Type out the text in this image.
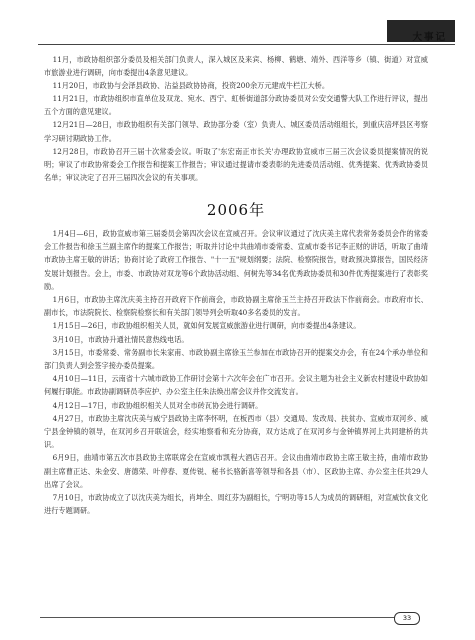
大事记

11月，市政协组织部分委员及相关部门负责人，深入城区及来宾、杨柳、鹤塘、靖外、西洋等乡（镇、街道）对宣威市旅游业进行调研，向市委提出4条意见建议。

11月20日，市政协与会泽县政协、沾益县政协协商，投资200余万元建成牛栏江大桥。

11月21日，市政协组织市直单位及双龙、宛水、西宁、虹桥街道部分政协委员对公安交通警大队工作进行评议，提出五个方面的意见建议。

12月21日—28日，市政协组织有关部门领导、政协部分委（室）负责人、城区委员活动组组长，到重庆涪坪县区考察学习研讨期政协工作。

12月28日，市政协召开三届十次常委会议。听取了'东宏南正市长关'办理政协宣威市三届三次会议委员提案情况的说明；审议了市政协常委会工作报告和提案工作报告；审议通过提请市委表彰的先进委员活动组、优秀提案、优秀政协委员名单；审议决定了召开三届四次会议的有关事项。

2006年

1月4日—6日，政协宣威市第三届委员会第四次会议在宣威召开。会议审议通过了沈庆美主席代表常务委员会作的常委会工作报告和徐玉兰副主席作的提案工作报告；听取并讨论中共曲靖市委常委、宣威市委书记李正财的讲话，听取了曲靖市政协主席王敏的讲话；协商讨论了政府工作报告、"十一五"规划纲要；法院、检察院报告，财政预决算报告，国民经济发展计划报告。会上，市委、市政协对双龙等6个政协活动组、何树先等34名优秀政协委员和30件优秀提案进行了表彰奖励。

1月6日，市政协主席沈庆美主持召开政府下作前商会，市政协副主席徐玉兰主持召开政法下作前商会。市政府市长、副市长，市法院院长、检察院检察长和有关部门领导列会听取40多名委员的发言。

1月15日—26日，市政协组织相关人员，就如何发展宣威旅游业进行调研，向市委提出4条建议。

3月10日，市政协升通社情民意热线电话。

3月15日，市委常委、常务副市长朱家甫、市政协副主席徐玉兰参加在市政协召开的提案交办会，有在24个承办单位和部门负责人到会签字接办委员提案。

4月10日—11日，云南省十六城市政协工作研讨会第十六次年会在广市召开。会议主题为社会主义新农村建设中政协如何履行职能。市政协副调研员李应护、办公室主任朱法焕出席会议并作交流发言。

4月12日—17日，市政协组织相关人员对全市砖瓦协会进行调研。

4月27日，市政协主席沈庆美与威宁县政协主席李怀明，在板西市（县）交通局、发改局、扶贫办、宣威市双河乡、威宁县金钟镇的领导，在双河乡召开联谊会，经实地察看和充分协商，双方达成了在双河乡与金钟镇界河上共同建桥的共识。

6月9日，曲靖市第五次市县政协主席联席会在宣威市凯程大酒店召开。会议由曲靖市政协主席王敏主持，曲靖市政协副主席曹正达、朱金安、唐德荣、叶停春、夏传锐、秘书长骆新喜等领导和各县（市）、区政协主席、办公室主任共29人出席了会议。

7月10日，市政协成立了以沈庆美为组长，肖坤全、周红芬为副组长，宁明功等15人为成员的调研组，对宣威饮食文化进行专题调研。

33
